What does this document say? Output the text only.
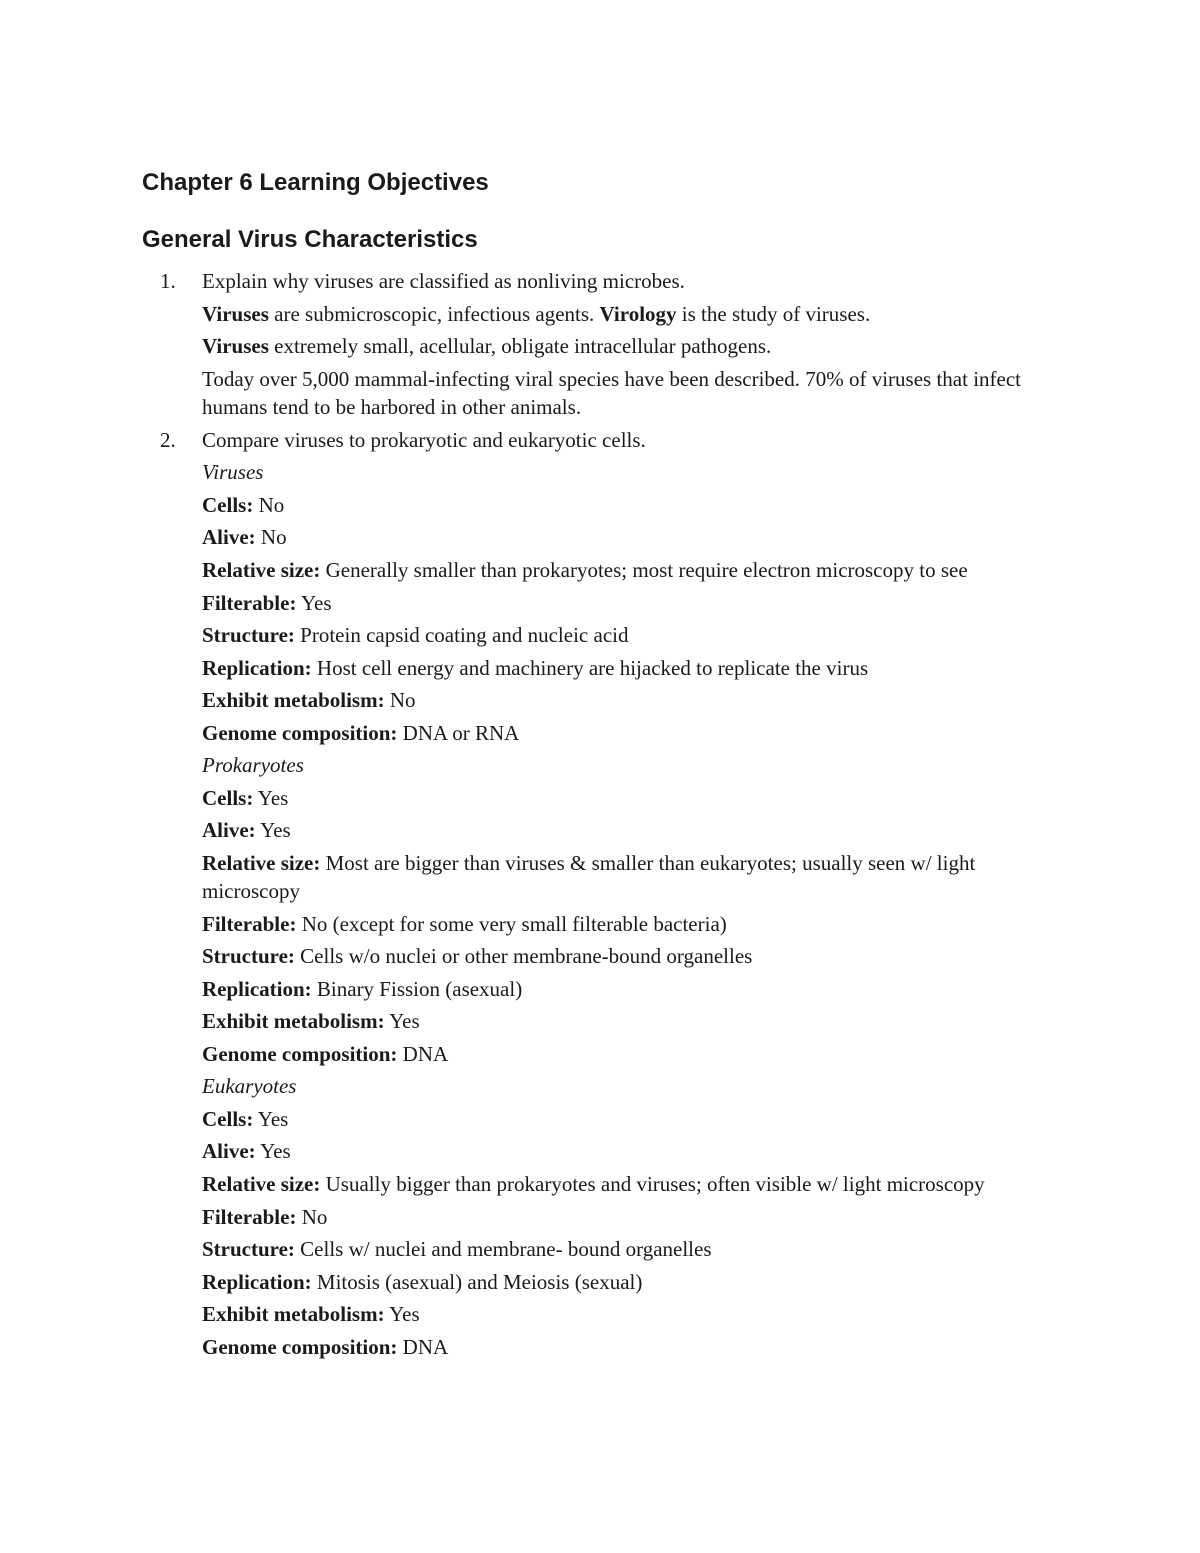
Chapter 6 Learning Objectives
General Virus Characteristics

1. Explain why viruses are classified as nonliving microbes.

Viruses are submicroscopic, infectious agents. Virology is the study of viruses.

Viruses extremely small, acellular, obligate intracellular pathogens.

Today over 5,000 mammal-infecting viral species have been described. 70% of viruses that infect humans tend to be harbored in other animals.

2. Compare viruses to prokaryotic and eukaryotic cells.

Viruses

Cells: No

Alive: No

Relative size: Generally smaller than prokaryotes; most require electron microscopy to see

Filterable: Yes

Structure: Protein capsid coating and nucleic acid

Replication: Host cell energy and machinery are hijacked to replicate the virus

Exhibit metabolism: No

Genome composition: DNA or RNA

Prokaryotes

Cells: Yes

Alive: Yes

Relative size: Most are bigger than viruses & smaller than eukaryotes; usually seen w/ light microscopy

Filterable: No (except for some very small filterable bacteria)

Structure: Cells w/o nuclei or other membrane-bound organelles

Replication: Binary Fission (asexual)

Exhibit metabolism: Yes

Genome composition: DNA

Eukaryotes

Cells: Yes

Alive: Yes

Relative size: Usually bigger than prokaryotes and viruses; often visible w/ light microscopy

Filterable: No

Structure: Cells w/ nuclei and membrane- bound organelles

Replication: Mitosis (asexual) and Meiosis (sexual)

Exhibit metabolism: Yes

Genome composition: DNA
